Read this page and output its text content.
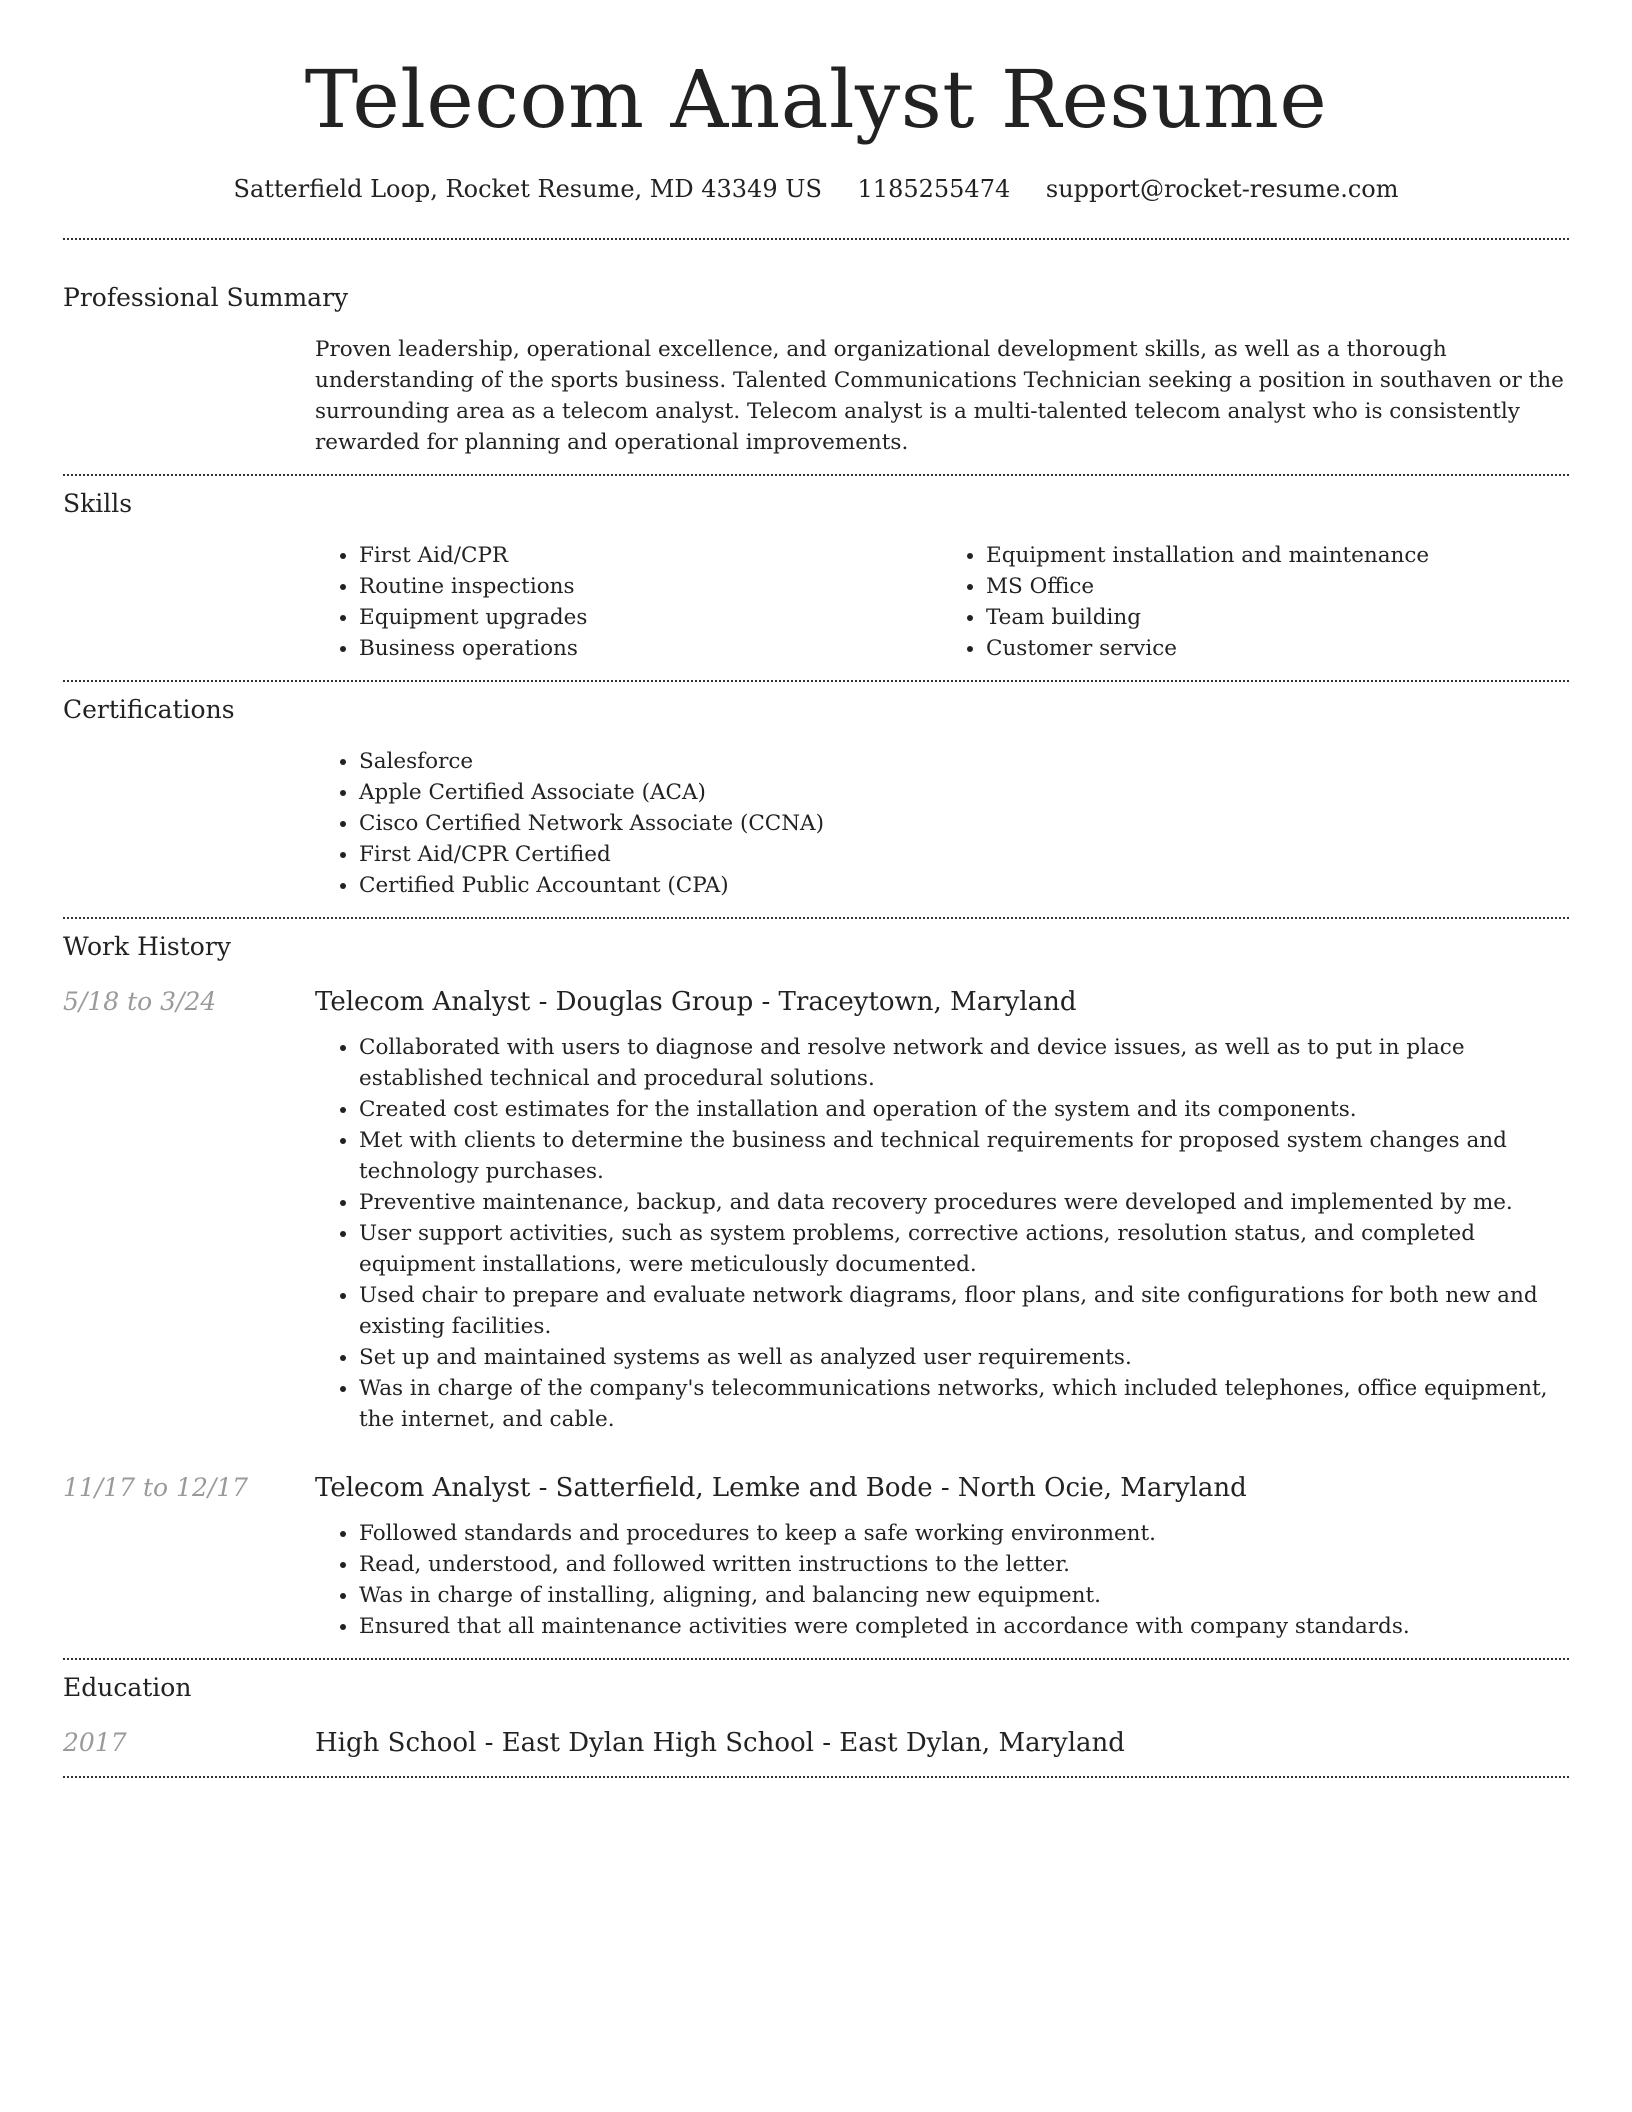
Telecom Analyst Resume
Satterfield Loop, Rocket Resume, MD 43349 US 1185255474 support@rocket-resume.com
Professional Summary

Proven leadership, operational excellence, and organizational development skills, as well as a thorough understanding of the sports business. Talented Communications Technician seeking a position in southaven or the surrounding area as a telecom analyst. Telecom analyst is a multi-talented telecom analyst who is consistently rewarded for planning and operational improvements.

Skills
• First Aid/CPR
• Routine inspections
• Equipment upgrades
• Business operations
• Equipment installation and maintenance
• MS Office
• Team building
• Customer service
Certifications
• Salesforce
• Apple Certified Associate (ACA)
• Cisco Certified Network Associate (CCNA)
• First Aid/CPR Certified
• Certified Public Accountant (CPA)
Work History
5/18 to 3/24	Telecom Analyst - Douglas Group - Traceytown, Maryland
• Collaborated with users to diagnose and resolve network and device issues, as well as to put in place established technical and procedural solutions.
• Created cost estimates for the installation and operation of the system and its components.
• Met with clients to determine the business and technical requirements for proposed system changes and technology purchases.
• Preventive maintenance, backup, and data recovery procedures were developed and implemented by me.
• User support activities, such as system problems, corrective actions, resolution status, and completed equipment installations, were meticulously documented.
• Used chair to prepare and evaluate network diagrams, floor plans, and site configurations for both new and existing facilities.
• Set up and maintained systems as well as analyzed user requirements.
• Was in charge of the company's telecommunications networks, which included telephones, office equipment, the internet, and cable.
11/17 to 12/17	Telecom Analyst - Satterfield, Lemke and Bode - North Ocie, Maryland
• Followed standards and procedures to keep a safe working environment.
• Read, understood, and followed written instructions to the letter.
• Was in charge of installing, aligning, and balancing new equipment.
• Ensured that all maintenance activities were completed in accordance with company standards.
Education
2017	High School - East Dylan High School - East Dylan, Maryland
